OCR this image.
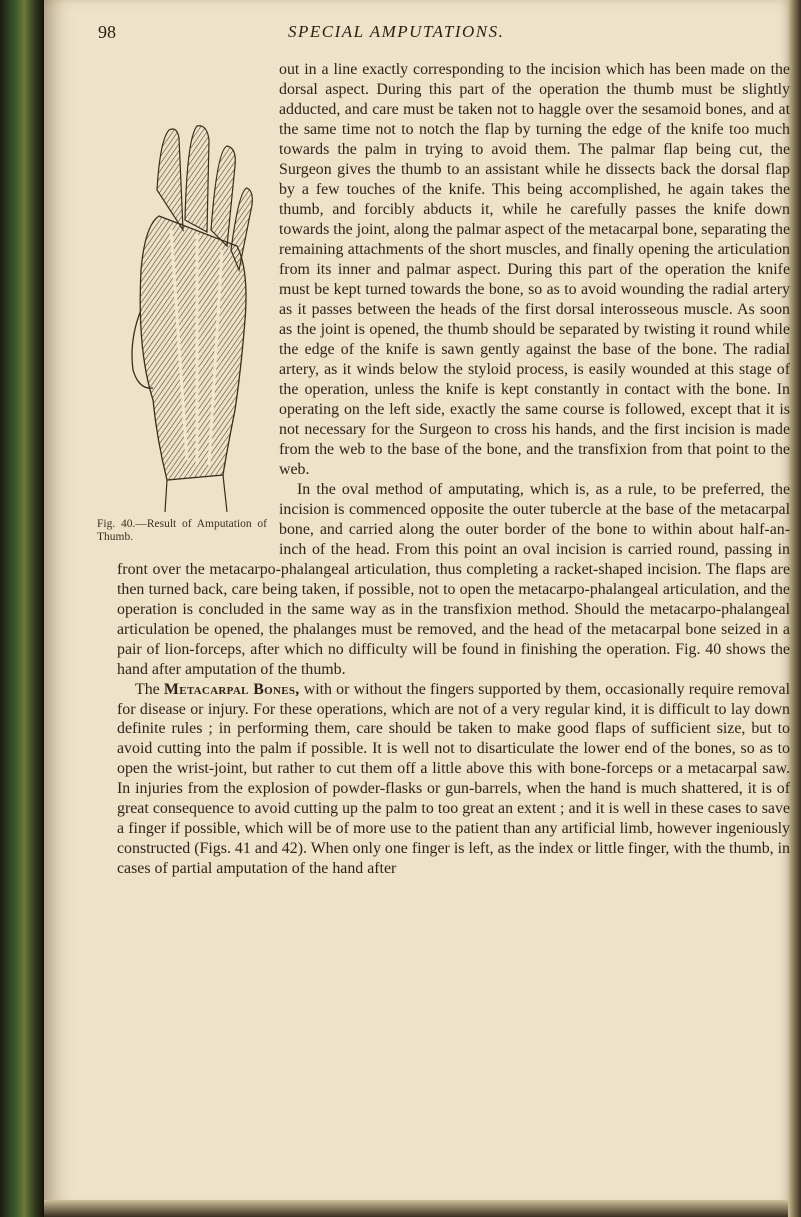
98	SPECIAL AMPUTATIONS.

Fig. 40.—Result of Amputation of Thumb.
out in a line exactly corresponding to the incision which has been made on the dorsal aspect. During this part of the operation the thumb must be slightly adducted, and care must be taken not to haggle over the sesamoid bones, and at the same time not to notch the flap by turning the edge of the knife too much towards the palm in trying to avoid them. The palmar flap being cut, the Surgeon gives the thumb to an assistant while he dissects back the dorsal flap by a few touches of the knife. This being accomplished, he again takes the thumb, and forcibly abducts it, while he carefully passes the knife down towards the joint, along the palmar aspect of the metacarpal bone, separating the remaining attachments of the short muscles, and finally opening the articulation from its inner and palmar aspect. During this part of the operation the knife must be kept turned towards the bone, so as to avoid wounding the radial artery as it passes between the heads of the first dorsal interosseous muscle. As soon as the joint is opened, the thumb should be separated by twisting it round while the edge of the knife is sawn gently against the base of the bone. The radial artery, as it winds below the styloid process, is easily wounded at this stage of the operation, unless the knife is kept constantly in contact with the bone. In operating on the left side, exactly the same course is followed, except that it is not necessary for the Surgeon to cross his hands, and the first incision is made from the web to the base of the bone, and the transfixion from that point to the web.

In the oval method of amputating, which is, as a rule, to be preferred, the incision is commenced opposite the outer tubercle at the base of the metacarpal bone, and carried along the outer border of the bone to within about half-an-inch of the head. From this point an oval incision is carried round, passing in front over the metacarpo-phalangeal articulation, thus completing a racket-shaped incision. The flaps are then turned back, care being taken, if possible, not to open the metacarpo-phalangeal articulation, and the operation is concluded in the same way as in the transfixion method. Should the metacarpo-phalangeal articulation be opened, the phalanges must be removed, and the head of the metacarpal bone seized in a pair of lion-forceps, after which no difficulty will be found in finishing the operation. Fig. 40 shows the hand after amputation of the thumb.

The Metacarpal Bones, with or without the fingers supported by them, occasionally require removal for disease or injury. For these operations, which are not of a very regular kind, it is difficult to lay down definite rules ; in performing them, care should be taken to make good flaps of sufficient size, but to avoid cutting into the palm if possible. It is well not to disarticulate the lower end of the bones, so as to open the wrist-joint, but rather to cut them off a little above this with bone-forceps or a metacarpal saw. In injuries from the explosion of powder-flasks or gun-barrels, when the hand is much shattered, it is of great consequence to avoid cutting up the palm to too great an extent ; and it is well in these cases to save a finger if possible, which will be of more use to the patient than any artificial limb, however ingeniously constructed (Figs. 41 and 42). When only one finger is left, as the index or little finger, with the thumb, in cases of partial amputation of the hand after
